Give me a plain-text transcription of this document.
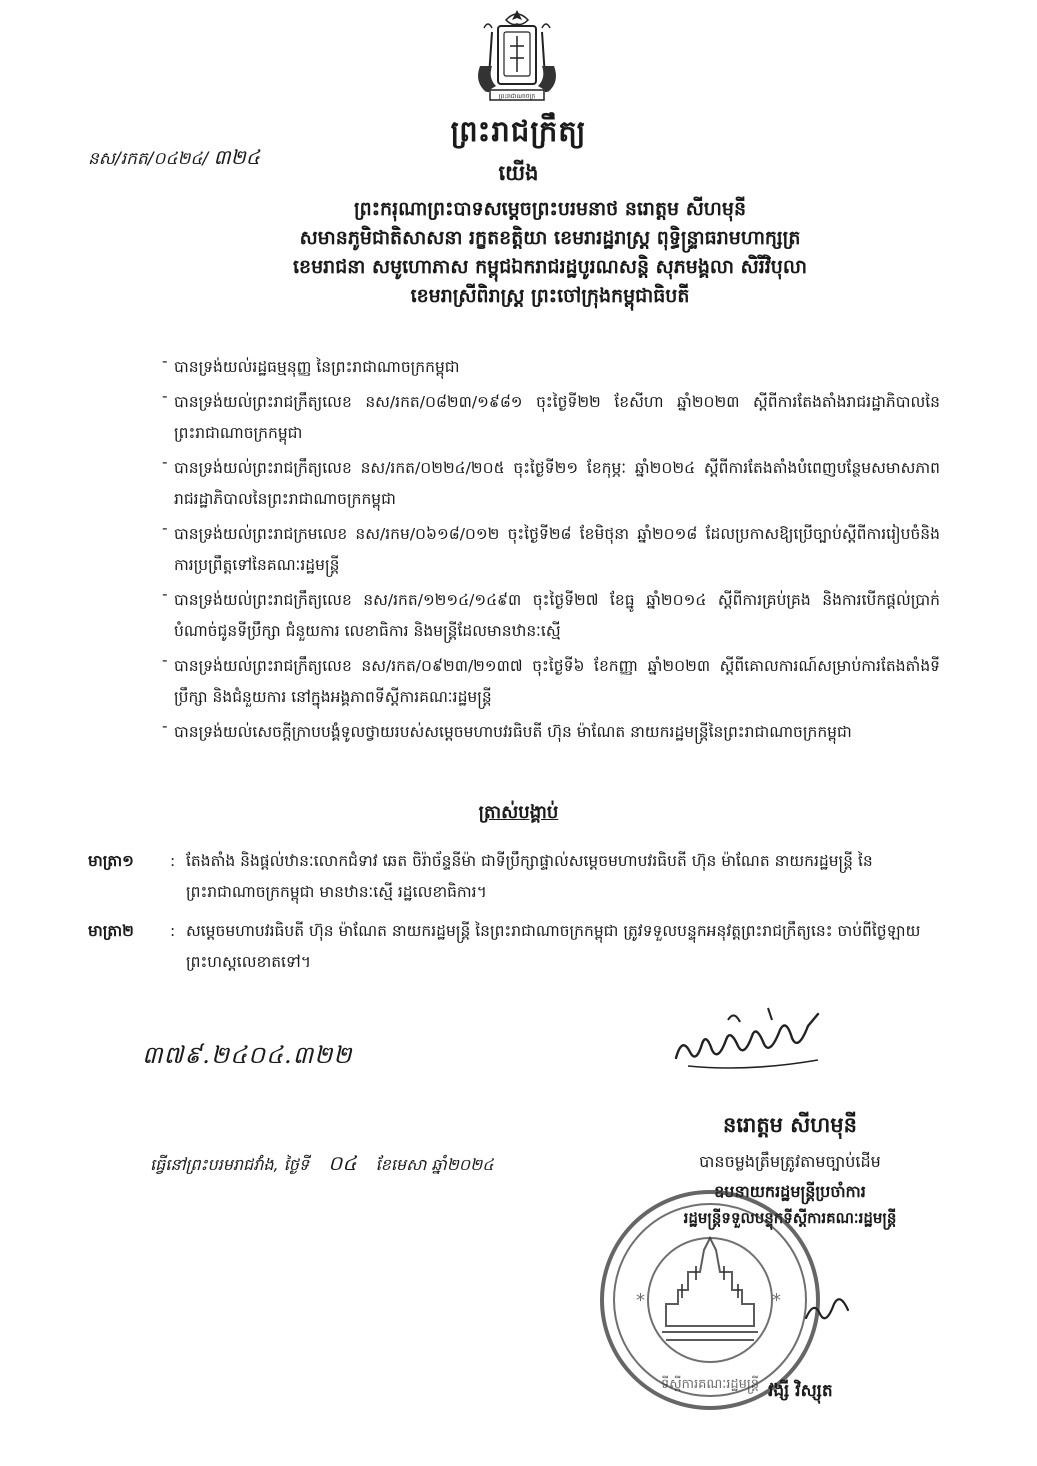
ព្រះរាជាណាចក្រ
ព្រះរាជក្រឹត្យ
នស/រកត/០៤២៤/ ៣២៤
យើង
ព្រះករុណាព្រះបាទសម្តេចព្រះបរមនាថ នរោត្តម សីហមុនី
សមានភូមិជាតិសាសនា រក្ខតខត្តិយា ខេមរារដ្ឋរាស្ត្រ ពុទ្ធិន្ទ្រាធរាមហាក្សត្រ
ខេមរាជនា សមូហោភាស កម្ពុជឯករាជរដ្ឋបូរណសន្តិ សុភមង្គលា សិរីវិបុលា
ខេមរាស្រីពិរាស្ត្រ ព្រះចៅក្រុងកម្ពុជាធិបតី
- បានទ្រង់យល់រដ្ឋធម្មនុញ្ញ នៃព្រះរាជាណាចក្រកម្ពុជា
- បានទ្រង់យល់ព្រះរាជក្រឹត្យលេខ នស/រកត/០៨២៣/១៩៨១ ចុះថ្ងៃទី២២ ខែសីហា ឆ្នាំ២០២៣ ស្តីពីការតែងតាំងរាជរដ្ឋាភិបាលនៃព្រះរាជាណាចក្រកម្ពុជា
- បានទ្រង់យល់ព្រះរាជក្រឹត្យលេខ នស/រកត/០២២៤/២០៥ ចុះថ្ងៃទី២១ ខែកុម្ភៈ ឆ្នាំ២០២៤ ស្តីពីការតែងតាំងបំពេញបន្ថែមសមាសភាពរាជរដ្ឋាភិបាលនៃព្រះរាជាណាចក្រកម្ពុជា
- បានទ្រង់យល់ព្រះរាជក្រមលេខ នស/រកម/០៦១៨/០១២ ចុះថ្ងៃទី២៨ ខែមិថុនា ឆ្នាំ២០១៨ ដែលប្រកាសឱ្យប្រើច្បាប់ស្តីពីការរៀបចំនិងការប្រព្រឹត្តទៅនៃគណៈរដ្ឋមន្ត្រី
- បានទ្រង់យល់ព្រះរាជក្រឹត្យលេខ នស/រកត/១២១៤/១៤៩៣ ចុះថ្ងៃទី២៧ ខែធ្នូ ឆ្នាំ២០១៤ ស្តីពីការគ្រប់គ្រង និងការបើកផ្តល់ប្រាក់បំណាច់ជូនទីប្រឹក្សា ជំនួយការ លេខាធិការ និងមន្ត្រីដែលមានឋានៈស្មើ
- បានទ្រង់យល់ព្រះរាជក្រឹត្យលេខ នស/រកត/០៩២៣/២១៣៧ ចុះថ្ងៃទី៦ ខែកញ្ញា ឆ្នាំ២០២៣ ស្តីពីគោលការណ៍សម្រាប់ការតែងតាំងទីប្រឹក្សា និងជំនួយការ នៅក្នុងអង្គភាពទីស្តីការគណៈរដ្ឋមន្ត្រី
- បានទ្រង់យល់សេចក្តីក្រាបបង្គំទូលថ្វាយរបស់សម្តេចមហាបវរធិបតី ហ៊ុន ម៉ាណែត នាយករដ្ឋមន្ត្រីនៃព្រះរាជាណាចក្រកម្ពុជា
ត្រាស់បង្គាប់
មាត្រា១	: តែងតាំង និងផ្តល់ឋានៈលោកជំទាវ ឆេត ចិរ៉ាច័ន្ទនីម៉ា ជាទីប្រឹក្សាផ្ទាល់សម្តេចមហាបវរធិបតី ហ៊ុន ម៉ាណែត នាយករដ្ឋមន្ត្រី នៃព្រះរាជាណាចក្រកម្ពុជា មានឋានៈស្មើ រដ្ឋលេខាធិការ។
មាត្រា២	: សម្តេចមហាបវរធិបតី ហ៊ុន ម៉ាណែត នាយករដ្ឋមន្ត្រី នៃព្រះរាជាណាចក្រកម្ពុជា ត្រូវទទួលបន្ទុកអនុវត្តព្រះរាជក្រឹត្យនេះ ចាប់ពីថ្ងៃឡាយព្រះហស្តលេខាតទៅ។
៣៧៩.២៤០៤.៣២២
ធ្វើនៅព្រះបរមរាជវាំង, ថ្ងៃទី ០៤ ខែមេសា ឆ្នាំ២០២៤
នរោត្តម សីហមុនី
បានចម្លងត្រឹមត្រូវតាមច្បាប់ដើម
ឧបនាយករដ្ឋមន្ត្រីប្រចាំការ
រដ្ឋមន្ត្រីទទួលបន្ទុកទីស្តីការគណៈរដ្ឋមន្ត្រី
*	*
ទីស្តីការគណៈរដ្ឋមន្ត្រី វង្សី វិស្សុត
